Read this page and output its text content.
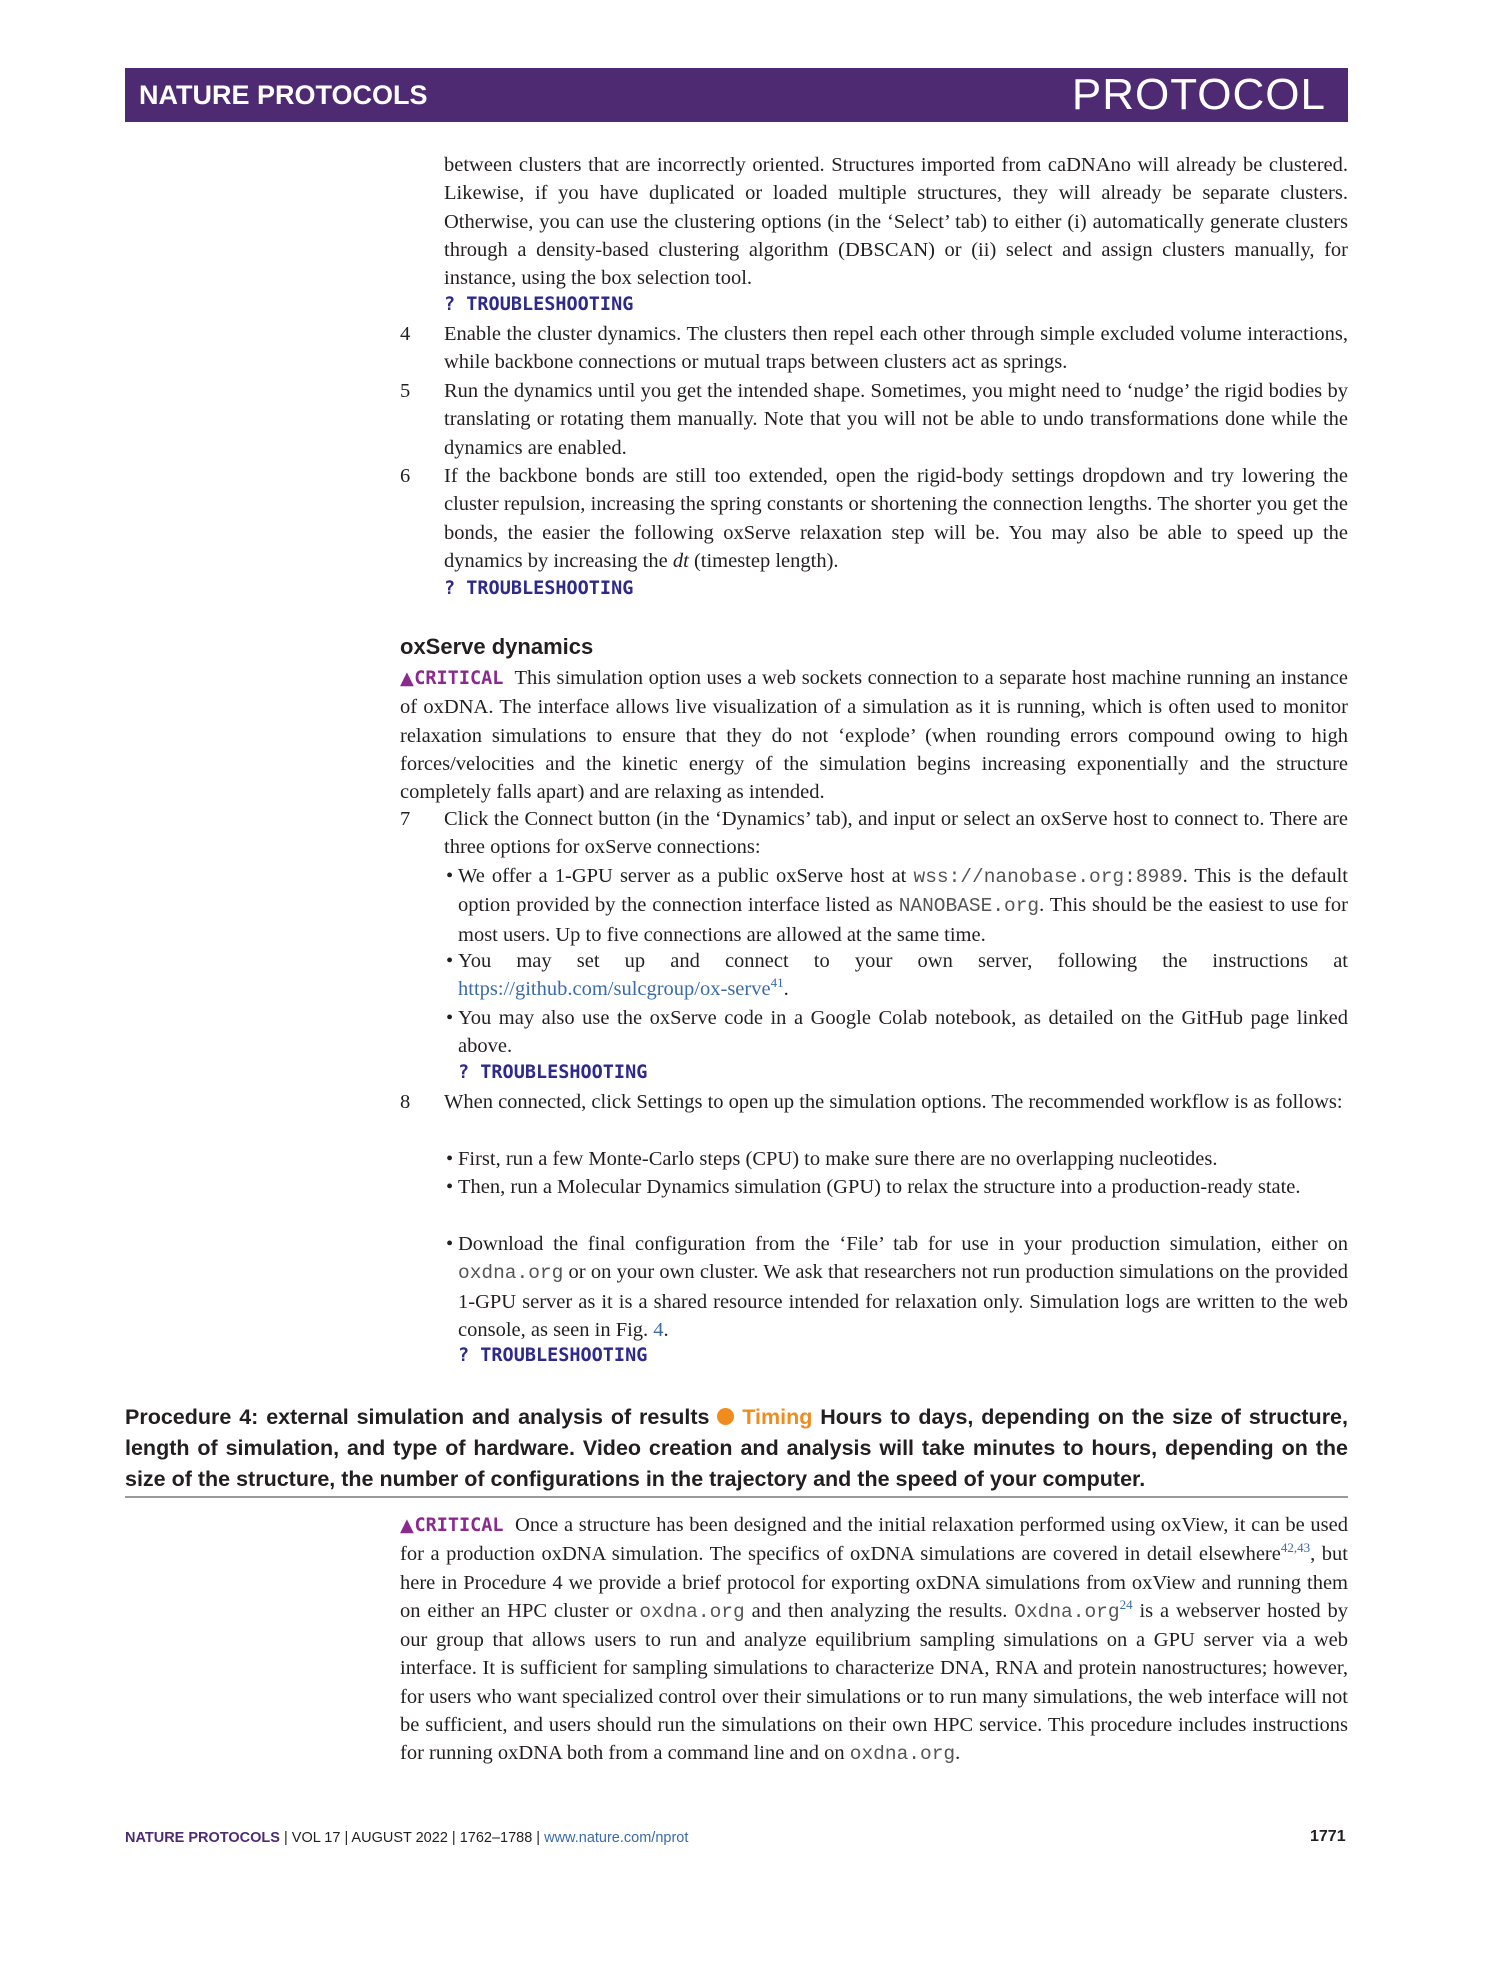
NATURE PROTOCOLS	PROTOCOL
between clusters that are incorrectly oriented. Structures imported from caDNAno will already be clustered. Likewise, if you have duplicated or loaded multiple structures, they will already be separate clusters. Otherwise, you can use the clustering options (in the ‘Select’ tab) to either (i) automatically generate clusters through a density-based clustering algorithm (DBSCAN) or (ii) select and assign clusters manually, for instance, using the box selection tool.
? TROUBLESHOOTING
4 Enable the cluster dynamics. The clusters then repel each other through simple excluded volume interactions, while backbone connections or mutual traps between clusters act as springs.
5 Run the dynamics until you get the intended shape. Sometimes, you might need to ‘nudge’ the rigid bodies by translating or rotating them manually. Note that you will not be able to undo transformations done while the dynamics are enabled.
6 If the backbone bonds are still too extended, open the rigid-body settings dropdown and try lowering the cluster repulsion, increasing the spring constants or shortening the connection lengths. The shorter you get the bonds, the easier the following oxServe relaxation step will be. You may also be able to speed up the dynamics by increasing the dt (timestep length).
? TROUBLESHOOTING
oxServe dynamics
▲CRITICAL This simulation option uses a web sockets connection to a separate host machine running an instance of oxDNA. The interface allows live visualization of a simulation as it is running, which is often used to monitor relaxation simulations to ensure that they do not ‘explode’ (when rounding errors compound owing to high forces/velocities and the kinetic energy of the simulation begins increasing exponentially and the structure completely falls apart) and are relaxing as intended.
7 Click the Connect button (in the ‘Dynamics’ tab), and input or select an oxServe host to connect to. There are three options for oxServe connections:
• We offer a 1-GPU server as a public oxServe host at wss://nanobase.org:8989. This is the default option provided by the connection interface listed as NANOBASE.org. This should be the easiest to use for most users. Up to five connections are allowed at the same time.
• You may set up and connect to your own server, following the instructions at https://github.com/sulcgroup/ox-serve$^{41}$.
• You may also use the oxServe code in a Google Colab notebook, as detailed on the GitHub page linked above.
? TROUBLESHOOTING
8 When connected, click Settings to open up the simulation options. The recommended workflow is as follows:
• First, run a few Monte-Carlo steps (CPU) to make sure there are no overlapping nucleotides.
• Then, run a Molecular Dynamics simulation (GPU) to relax the structure into a production-ready state.
• Download the final configuration from the ‘File’ tab for use in your production simulation, either on oxdna.org or on your own cluster. We ask that researchers not run production simulations on the provided 1-GPU server as it is a shared resource intended for relaxation only. Simulation logs are written to the web console, as seen in Fig. 4.
? TROUBLESHOOTING
Procedure 4: external simulation and analysis of results Timing Hours to days, depending on the size of structure, length of simulation, and type of hardware. Video creation and analysis will take minutes to hours, depending on the size of the structure, the number of configurations in the trajectory and the speed of your computer.
▲CRITICAL Once a structure has been designed and the initial relaxation performed using oxView, it can be used for a production oxDNA simulation. The specifics of oxDNA simulations are covered in detail elsewhere$^{42,43}$, but here in Procedure 4 we provide a brief protocol for exporting oxDNA simulations from oxView and running them on either an HPC cluster or oxdna.org and then analyzing the results. Oxdna.org$^{24}$ is a webserver hosted by our group that allows users to run and analyze equilibrium sampling simulations on a GPU server via a web interface. It is sufficient for sampling simulations to characterize DNA, RNA and protein nanostructures; however, for users who want specialized control over their simulations or to run many simulations, the web interface will not be sufficient, and users should run the simulations on their own HPC service. This procedure includes instructions for running oxDNA both from a command line and on oxdna.org.
NATURE PROTOCOLS | VOL 17 | AUGUST 2022 | 1762–1788 | www.nature.com/nprot	1771
